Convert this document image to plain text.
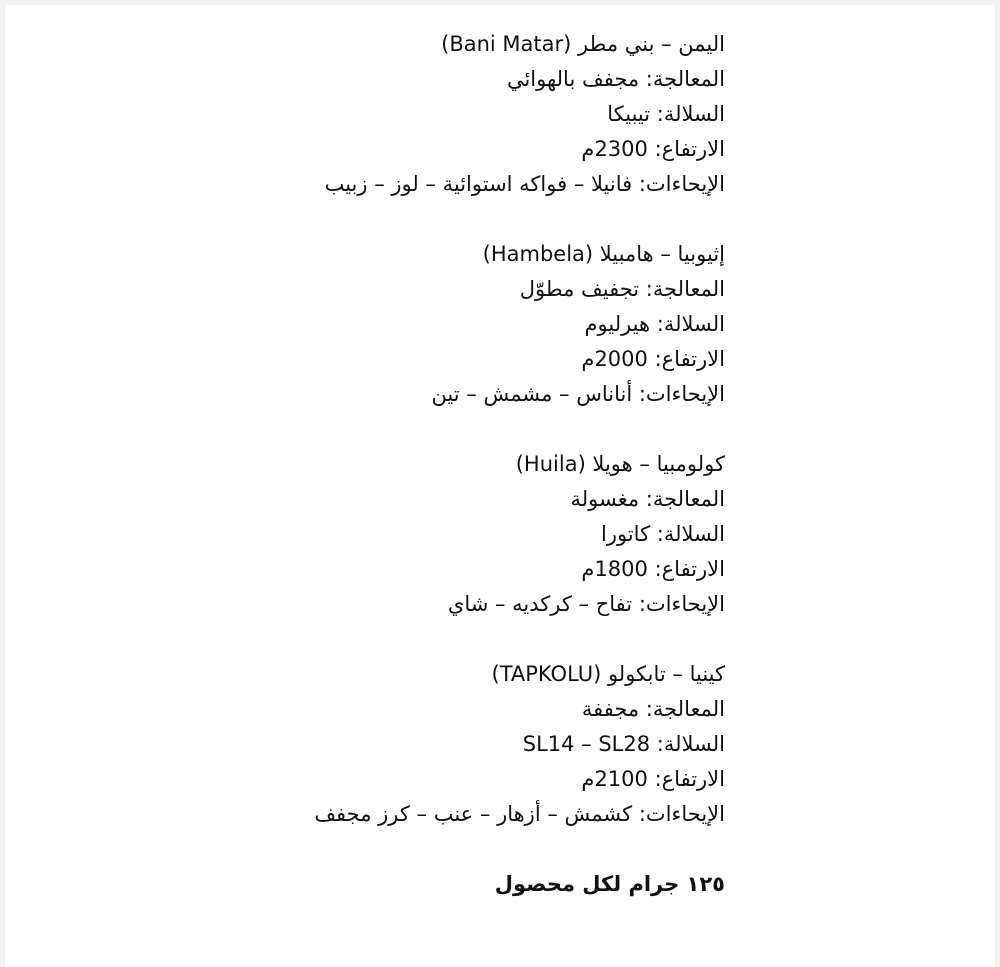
اليمن – بني مطر (Bani Matar)
المعالجة: مجفف بالهوائي
السلالة: تيبيكا
الارتفاع: 2300م
الإيحاءات: فانيلا – فواكه استوائية – لوز – زبيب
إثيوبيا – هامبيلا (Hambela)
المعالجة: تجفيف مطوّل
السلالة: هيرليوم
الارتفاع: 2000م
الإيحاءات: أناناس – مشمش – تين
كولومبيا – هويلا (Huila)
المعالجة: مغسولة
السلالة: كاتورا
الارتفاع: 1800م
الإيحاءات: تفاح – كركديه – شاي
كينيا – تابكولو (TAPKOLU)
المعالجة: مجففة
السلالة: SL14 – SL28
الارتفاع: 2100م
الإيحاءات: كشمش – أزهار – عنب – كرز مجفف
١٢٥ جرام لكل محصول
